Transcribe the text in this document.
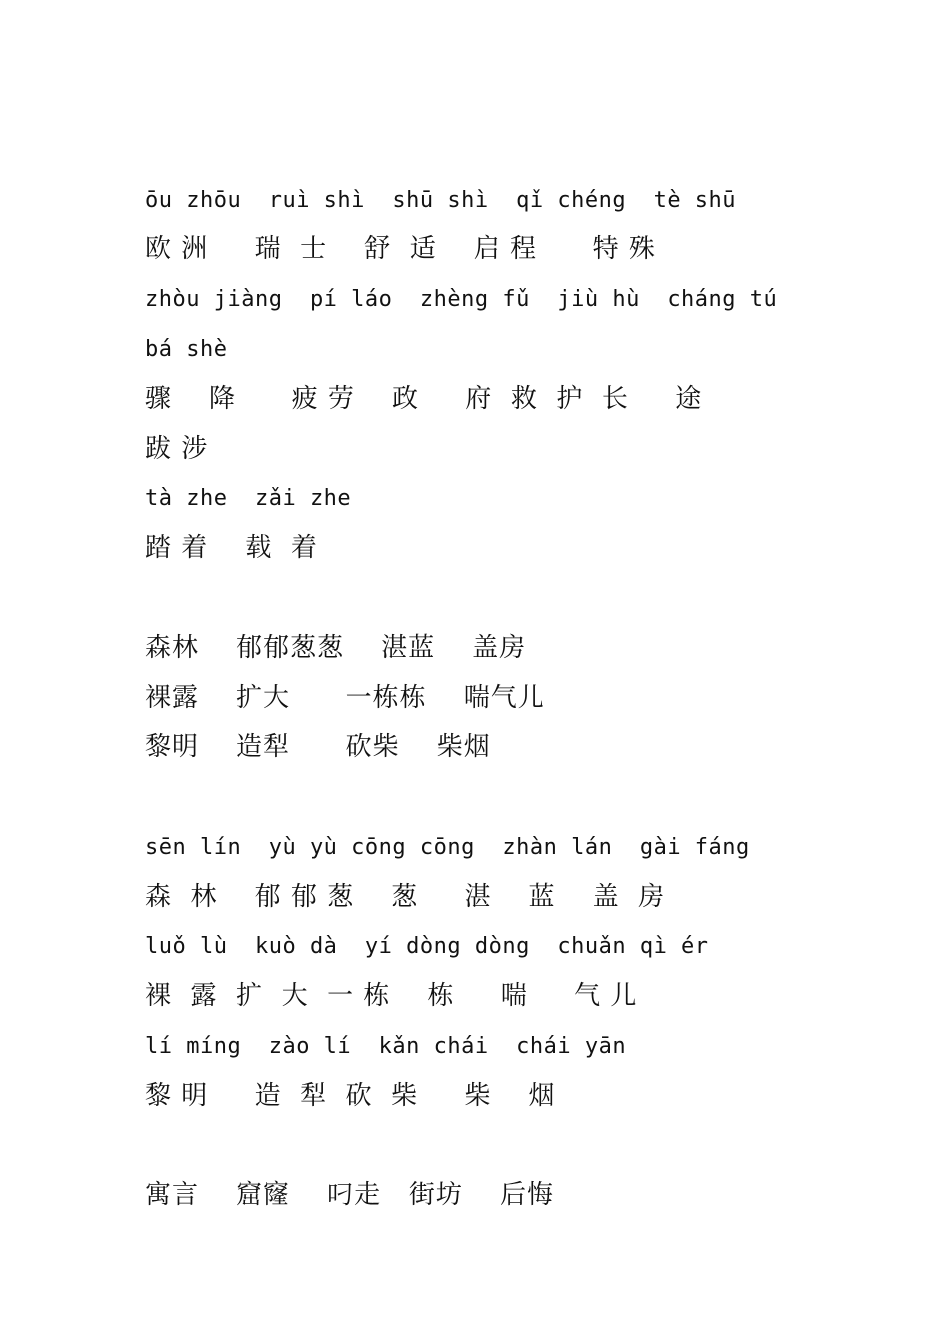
ōu zhōu  ruì shì  shū shì  qǐ chéng  tè shū
欧 洲     瑞  士    舒  适    启 程      特 殊
zhòu jiàng  pí láo  zhèng fǔ  jiù hù  cháng tú
bá shè
骤    降      疲 劳    政     府  救  护  长     途
跋 涉
tà zhe  zǎi zhe
踏 着    载  着
森林    郁郁葱葱    湛蓝    盖房
裸露    扩大      一栋栋    喘气儿
黎明    造犁      砍柴    柴烟
sēn lín  yù yù cōng cōng  zhàn lán  gài fáng
森  林    郁 郁 葱    葱     湛    蓝    盖  房
luǒ lù  kuò dà  yí dòng dòng  chuǎn qì ér
裸  露  扩  大  一 栋    栋     喘     气 儿
lí míng  zào lí  kǎn chái  chái yān
黎 明     造  犁  砍  柴     柴    烟
寓言    窟窿    叼走   街坊    后悔
